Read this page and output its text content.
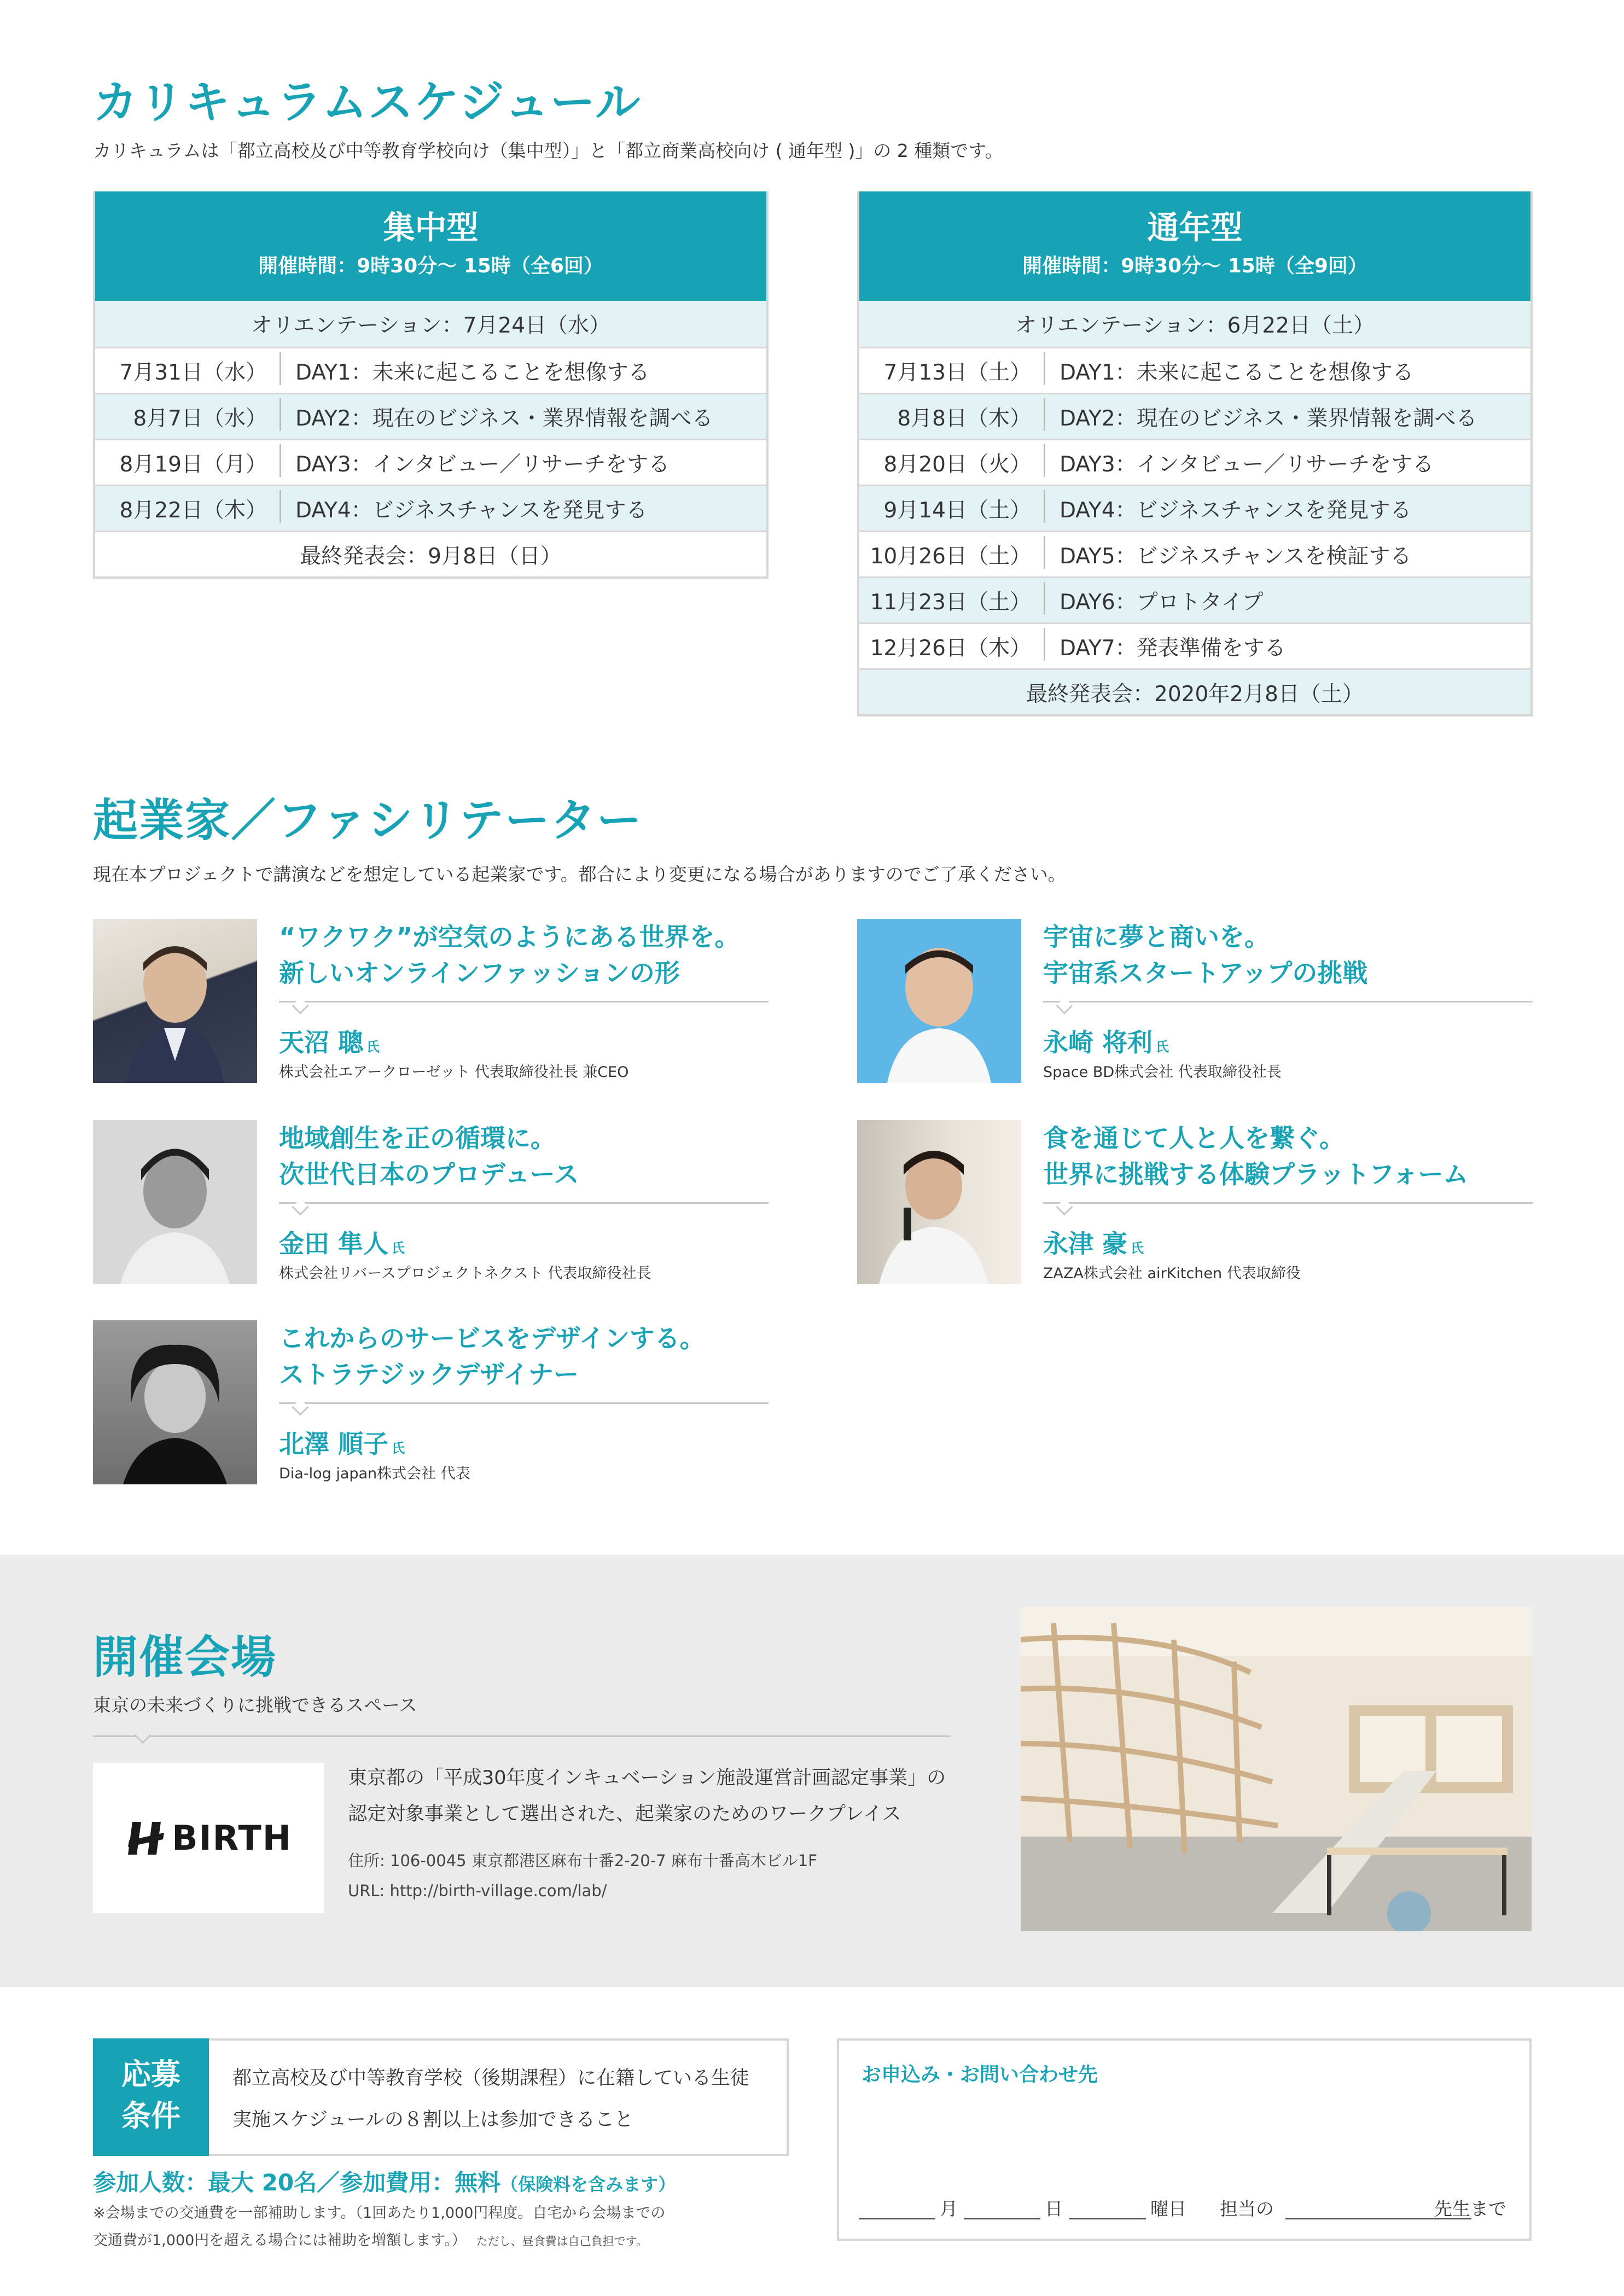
カリキュラムスケジュール
カリキュラムは「都立高校及び中等教育学校向け（集中型）」と「都立商業高校向け ( 通年型 )」の 2 種類です。
集中型
開催時間：9時30分～ 15時（全6回）
オリエンテーション：7月24日（水）
7月31日（水）	DAY1：未来に起こることを想像する
8月7日（水）	DAY2：現在のビジネス・業界情報を調べる
8月19日（月）	DAY3：インタビュー／リサーチをする
8月22日（木）	DAY4：ビジネスチャンスを発見する
最終発表会：9月8日（日）
通年型
開催時間：9時30分～ 15時（全9回）
オリエンテーション：6月22日（土）
7月13日（土）	DAY1：未来に起こることを想像する
8月8日（木）	DAY2：現在のビジネス・業界情報を調べる
8月20日（火）	DAY3：インタビュー／リサーチをする
9月14日（土）	DAY4：ビジネスチャンスを発見する
10月26日（土）	DAY5：ビジネスチャンスを検証する
11月23日（土）	DAY6：プロトタイプ
12月26日（木）	DAY7：発表準備をする
最終発表会：2020年2月8日（土）
起業家／ファシリテーター
現在本プロジェクトで講演などを想定している起業家です。都合により変更になる場合がありますのでご了承ください。
“ワクワク”が空気のようにある世界を。
新しいオンラインファッションの形
天沼 聰 氏
株式会社エアークローゼット 代表取締役社長 兼CEO
宇宙に夢と商いを。
宇宙系スタートアップの挑戦
永崎 将利 氏
Space BD株式会社 代表取締役社長
地域創生を正の循環に。
次世代日本のプロデュース
金田 隼人 氏
株式会社リバースプロジェクトネクスト 代表取締役社長
食を通じて人と人を繋ぐ。
世界に挑戦する体験プラットフォーム
永津 豪 氏
ZAZA株式会社 airKitchen 代表取締役
これからのサービスをデザインする。
ストラテジックデザイナー
北澤 順子 氏
Dia-log japan株式会社 代表
開催会場
東京の未来づくりに挑戦できるスペース
BIRTH
東京都の「平成30年度インキュベーション施設運営計画認定事業」の
認定対象事業として選出された、起業家のためのワークプレイス
住所: 106-0045 東京都港区麻布十番2-20-7 麻布十番高木ビル1F
URL: http://birth-village.com/lab/
応募
条件
都立高校及び中等教育学校（後期課程）に在籍している生徒
実施スケジュールの８割以上は参加できること
参加人数：最大 20名／参加費用：無料（保険料を含みます）
※会場までの交通費を一部補助します。（1回あたり1,000円程度。自宅から会場までの
交通費が1,000円を超える場合には補助を増額します。） ただし、昼食費は自己負担です。
お申込み・お問い合わせ先
月	日	曜日 担当の	先生まで
